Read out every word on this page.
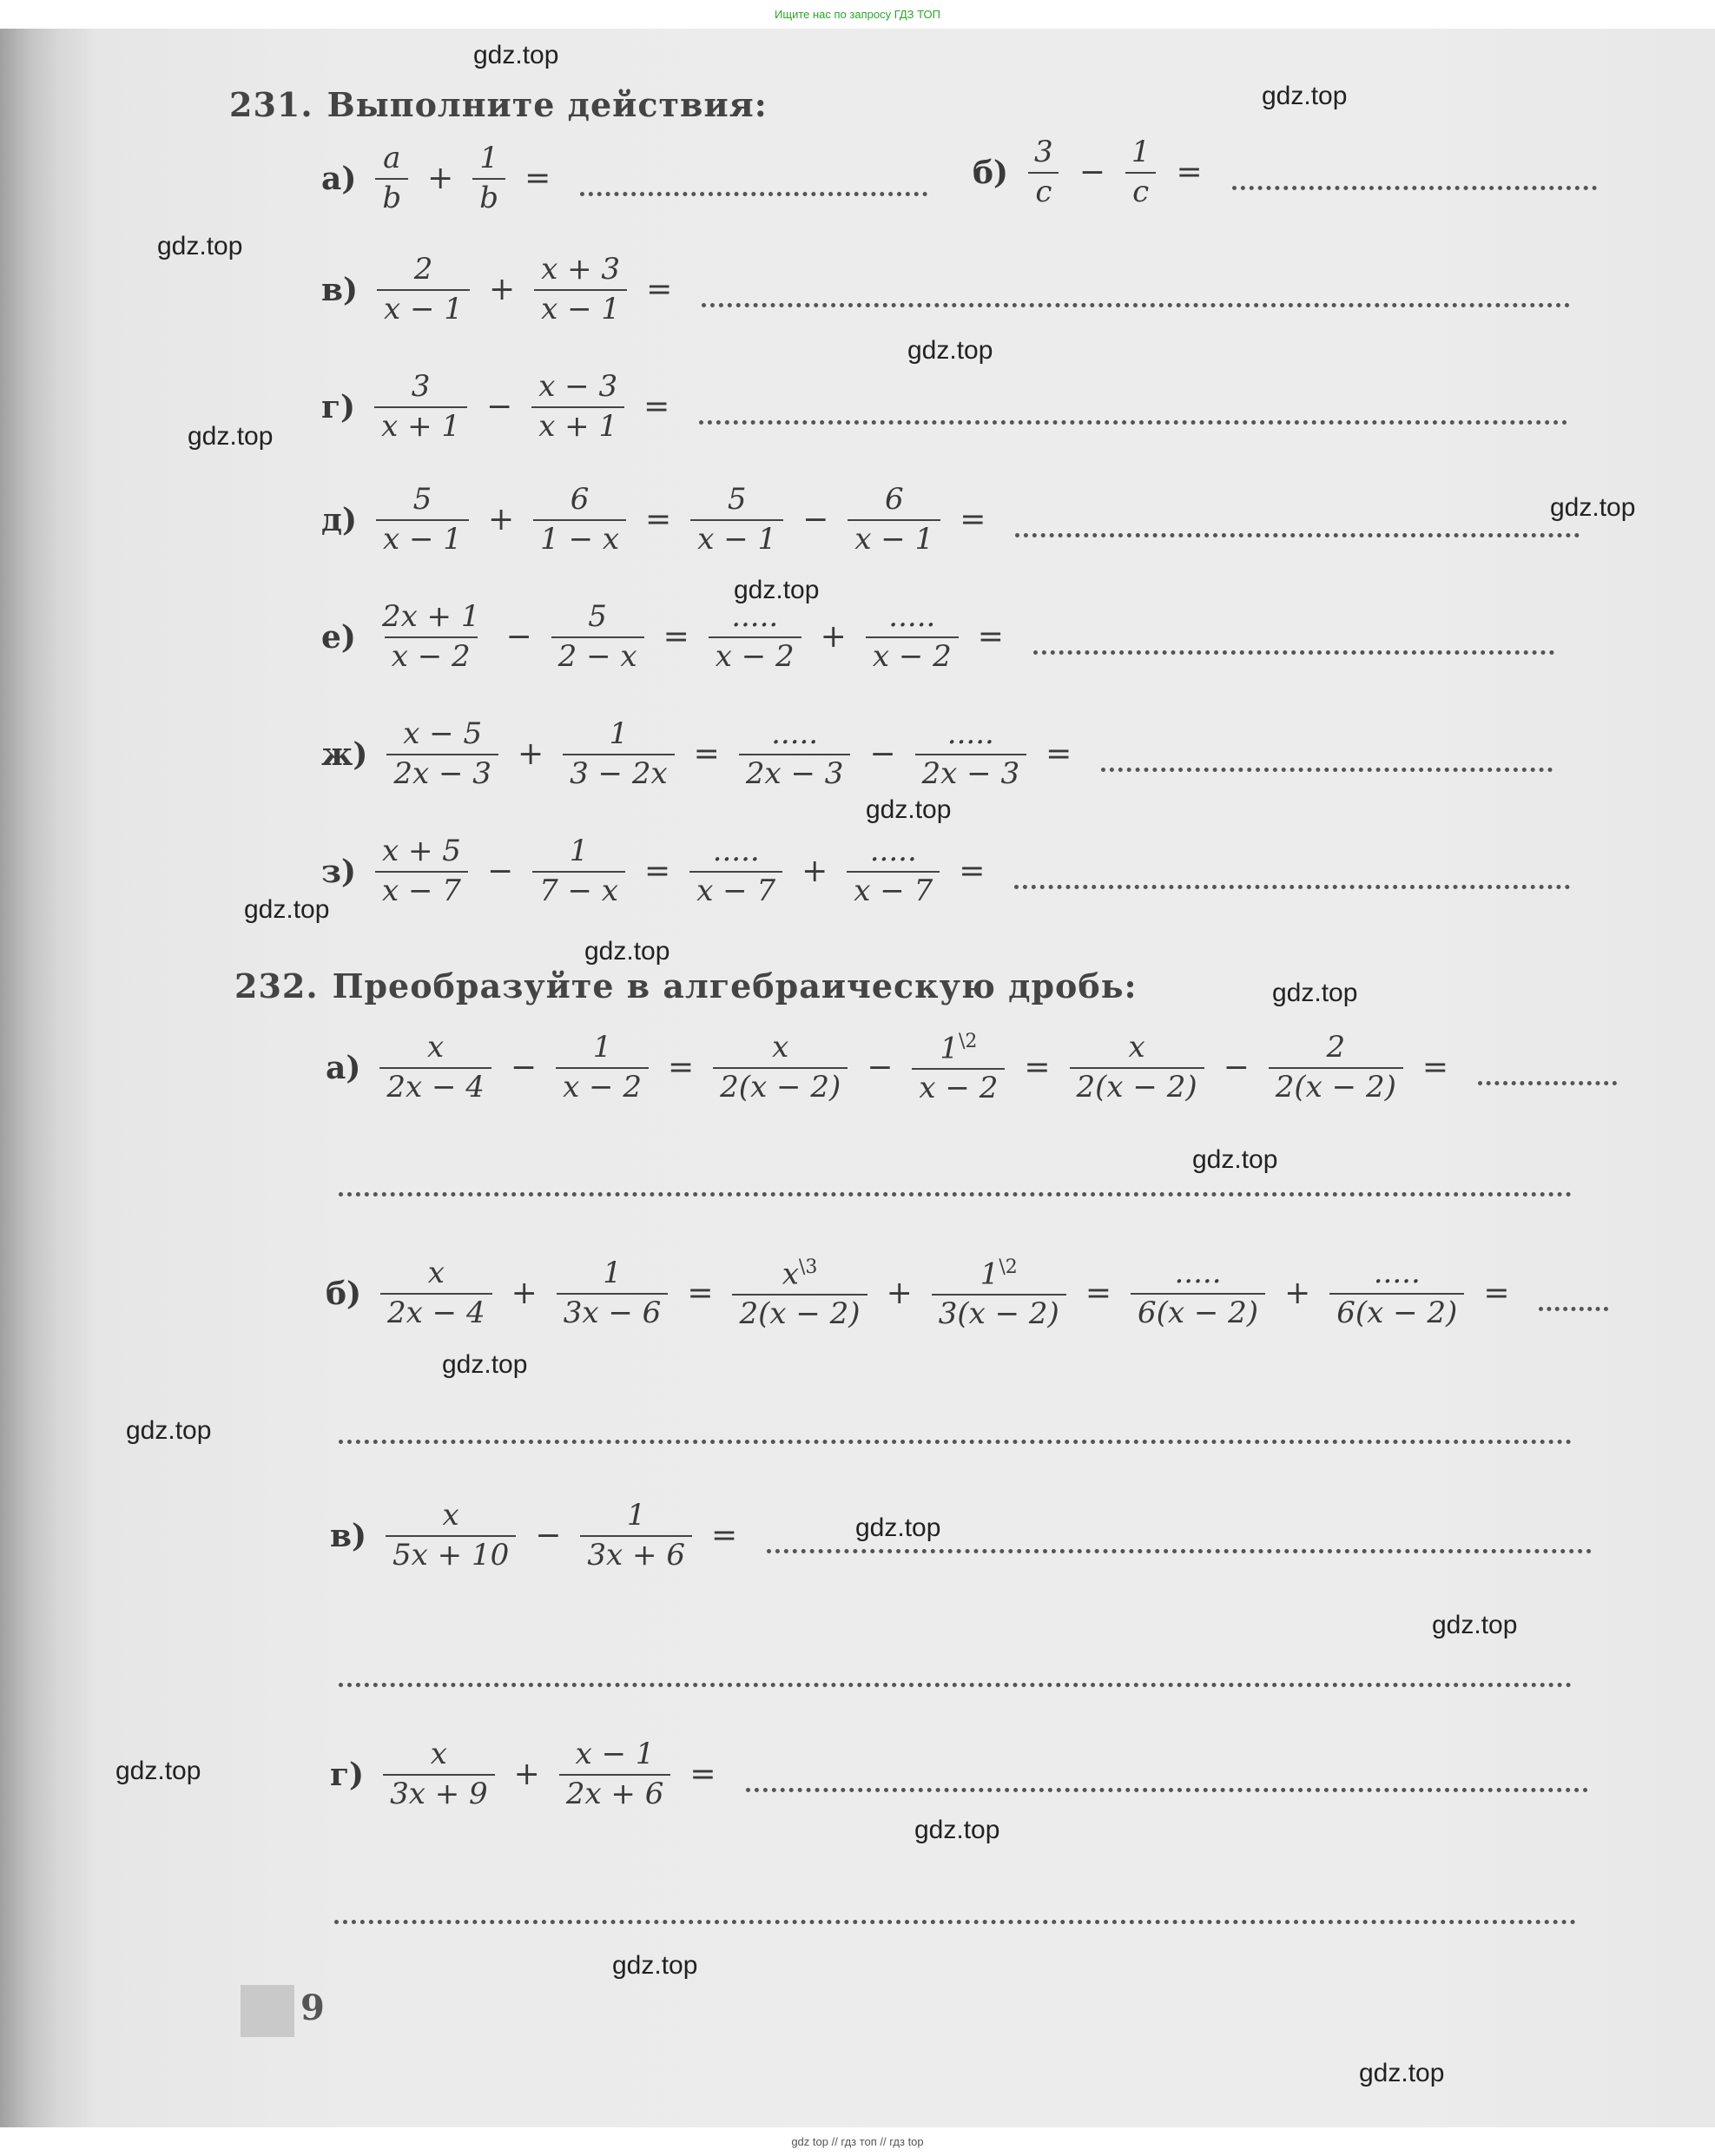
Ищите нас по запросу ГДЗ ТОП
231. Выполните действия:
$а) \frac{a}{b} + \frac{1}{b}$ =	$б) \frac{3}{c} - \frac{1}{c}$ =
$в) \frac{2}{x - 1} + \frac{x + 3}{x - 1}$ =
$г) \frac{3}{x + 1} - \frac{x - 3}{x + 1}$ =
$д) \frac{5}{x - 1} + \frac{6}{1 - x} = \frac{5}{x - 1} - \frac{6}{x - 1}$ =
$е) \frac{2x + 1}{x - 2} - \frac{5}{2 - x} = \frac{.....}{x - 2} + \frac{.....}{x - 2}$ =
$ж) \frac{x - 5}{2x - 3} + \frac{1}{3 - 2x} = \frac{.....}{2x - 3} - \frac{.....}{2x - 3}$ =
$з) \frac{x + 5}{x - 7} - \frac{1}{7 - x} = \frac{.....}{x - 7} + \frac{.....}{x - 7}$ =
232. Преобразуйте в алгебраическую дробь:
$а) \frac{x}{2x - 4} - \frac{1}{x - 2} = \frac{x}{2(x - 2)} - \frac{1^{\backslash 2}}{x - 2} = \frac{x}{2(x - 2)} - \frac{2}{2(x - 2)}$ =
$б) \frac{x}{2x - 4} + \frac{1}{3x - 6} = \frac{x^{\backslash 3}}{2(x - 2)} + \frac{1^{\backslash 2}}{3(x - 2)} = \frac{.....}{6(x - 2)} + \frac{.....}{6(x - 2)}$ =
$в) \frac{x}{5x + 10} - \frac{1}{3x + 6}$ =
$г) \frac{x}{3x + 9} + \frac{x - 1}{2x + 6}$ =
9
gdz.top
gdz.top
gdz.top
gdz.top
gdz.top
gdz.top
gdz.top
gdz.top
gdz.top
gdz.top
gdz.top
gdz.top
gdz.top
gdz.top
gdz.top
gdz.top
gdz.top
gdz.top
gdz.top
gdz.top
gdz top // гдз топ // гдз top
